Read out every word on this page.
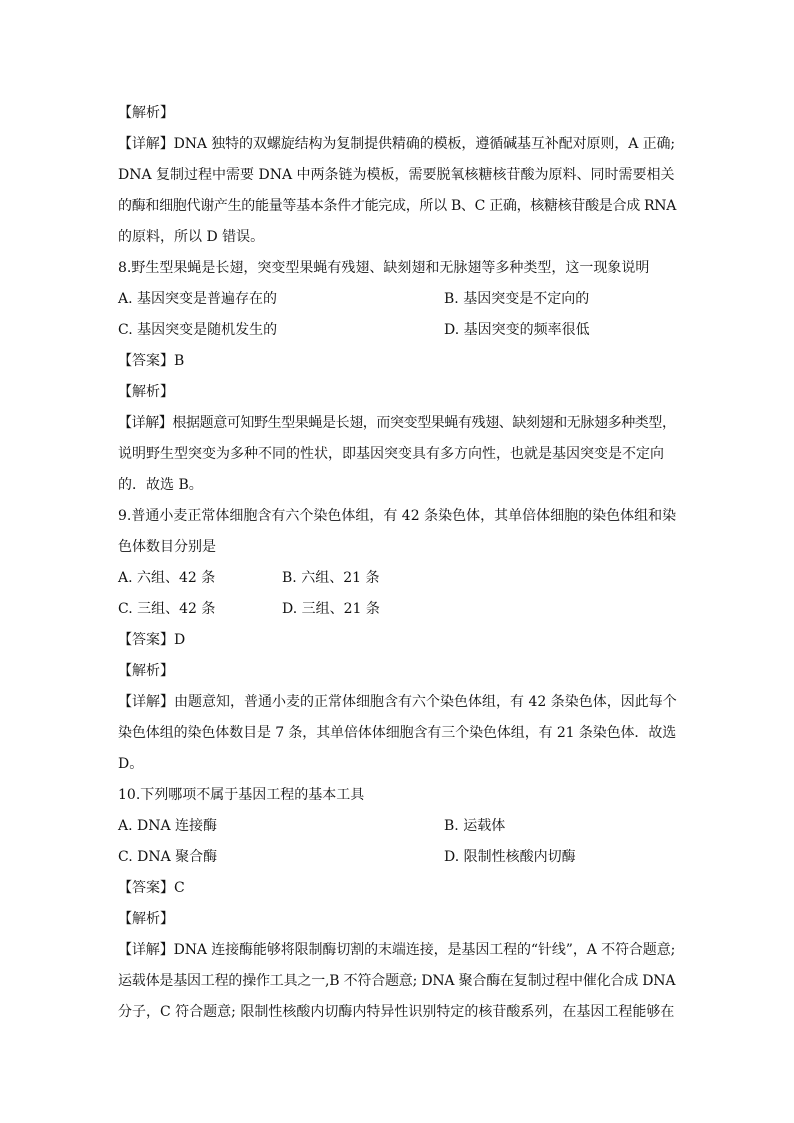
【解析】
【详解】DNA 独特的双螺旋结构为复制提供精确的模板，遵循碱基互补配对原则，A 正确;
DNA 复制过程中需要 DNA 中两条链为模板，需要脱氧核糖核苷酸为原料、同时需要相关
的酶和细胞代谢产生的能量等基本条件才能完成，所以 B、C 正确，核糖核苷酸是合成 RNA
的原料，所以 D 错误。
8.野生型果蝇是长翅，突变型果蝇有残翅、缺刻翅和无脉翅等多种类型，这一现象说明
A. 基因突变是普遍存在的	B. 基因突变是不定向的
C. 基因突变是随机发生的	D. 基因突变的频率很低
【答案】B
【解析】
【详解】根据题意可知野生型果蝇是长翅，而突变型果蝇有残翅、缺刻翅和无脉翅多种类型，
说明野生型突变为多种不同的性状，即基因突变具有多方向性，也就是基因突变是不定向
的．故选 B。
9.普通小麦正常体细胞含有六个染色体组，有 42 条染色体，其单倍体细胞的染色体组和染
色体数目分别是
A. 六组、42 条	B. 六组、21 条
C. 三组、42 条	D. 三组、21 条
【答案】D
【解析】
【详解】由题意知，普通小麦的正常体细胞含有六个染色体组，有 42 条染色体，因此每个
染色体组的染色体数目是 7 条，其单倍体体细胞含有三个染色体组，有 21 条染色体．故选
D。
10.下列哪项不属于基因工程的基本工具
A. DNA 连接酶	B. 运载体
C. DNA 聚合酶	D. 限制性核酸内切酶
【答案】C
【解析】
【详解】DNA 连接酶能够将限制酶切割的末端连接，是基因工程的“针线”，A 不符合题意;
运载体是基因工程的操作工具之一,B 不符合题意; DNA 聚合酶在复制过程中催化合成 DNA
分子，C 符合题意; 限制性核酸内切酶内特异性识别特定的核苷酸系列，在基因工程能够在
